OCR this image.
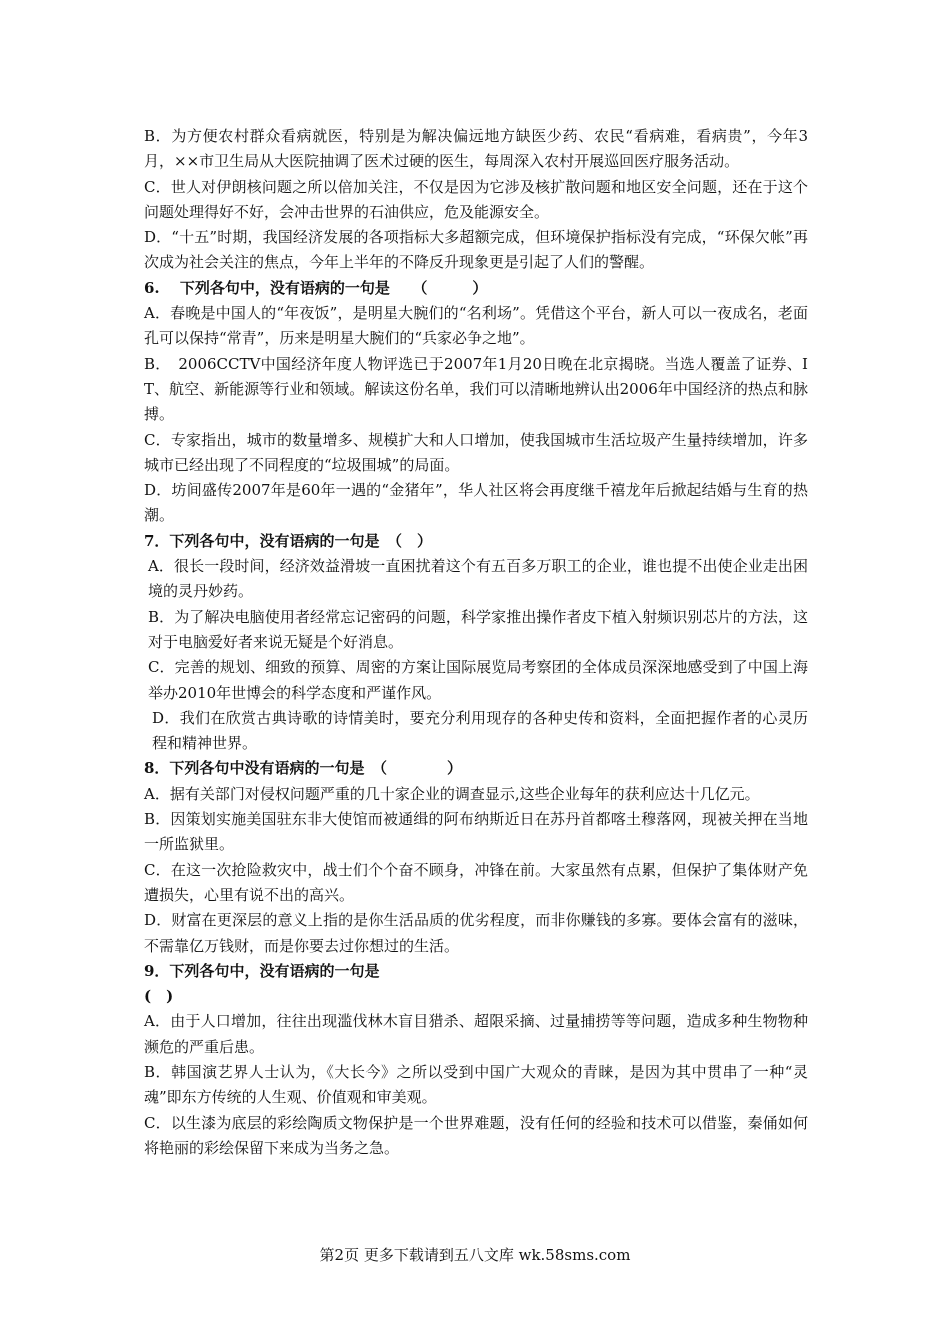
B．为方便农村群众看病就医，特别是为解决偏远地方缺医少药、农民“看病难，看病贵”，今年3月，××市卫生局从大医院抽调了医术过硬的医生，每周深入农村开展巡回医疗服务活动。

C．世人对伊朗核问题之所以倍加关注，不仅是因为它涉及核扩散问题和地区安全问题，还在于这个问题处理得好不好，会冲击世界的石油供应，危及能源安全。

D．“十五”时期，我国经济发展的各项指标大多超额完成，但环境保护指标没有完成，“环保欠帐”再次成为社会关注的焦点，今年上半年的不降反升现象更是引起了人们的警醒。

6.　 下列各句中，没有语病的一句是　　（　　　）

A．春晚是中国人的“年夜饭”，是明星大腕们的“名利场”。凭借这个平台，新人可以一夜成名，老面孔可以保持“常青”，历来是明星大腕们的“兵家必争之地”。

B．　2006CCTV中国经济年度人物评选已于2007年1月20日晚在北京揭晓。当选人覆盖了证券、IT、航空、新能源等行业和领域。解读这份名单，我们可以清晰地辨认出2006年中国经济的热点和脉搏。

C．专家指出，城市的数量增多、规模扩大和人口增加，使我国城市生活垃圾产生量持续增加，许多城市已经出现了不同程度的“垃圾围城”的局面。

D．坊间盛传2007年是60年一遇的“金猪年”，华人社区将会再度继千禧龙年后掀起结婚与生育的热潮。

7．下列各句中，没有语病的一句是　（　）

A．很长一段时间，经济效益滑坡一直困扰着这个有五百多万职工的企业，谁也提不出使企业走出困境的灵丹妙药。

B．为了解决电脑使用者经常忘记密码的问题，科学家推出操作者皮下植入射频识别芯片的方法，这对于电脑爱好者来说无疑是个好消息。

C．完善的规划、细致的预算、周密的方案让国际展览局考察团的全体成员深深地感受到了中国上海举办2010年世博会的科学态度和严谨作风。

D．我们在欣赏古典诗歌的诗情美时，要充分利用现存的各种史传和资料，全面把握作者的心灵历程和精神世界。

8．下列各句中没有语病的一句是　（　　　　）

A．据有关部门对侵权问题严重的几十家企业的调查显示,这些企业每年的获利应达十几亿元。

B．因策划实施美国驻东非大使馆而被通缉的阿布纳斯近日在苏丹首都喀土穆落网，现被关押在当地一所监狱里。

C．在这一次抢险救灾中，战士们个个奋不顾身，冲锋在前。大家虽然有点累，但保护了集体财产免遭损失，心里有说不出的高兴。

D．财富在更深层的意义上指的是你生活品质的优劣程度，而非你赚钱的多寡。要体会富有的滋味，不需靠亿万钱财，而是你要去过你想过的生活。

9．下列各句中，没有语病的一句是

(　)

A．由于人口增加，往往出现滥伐林木盲目猎杀、超限采摘、过量捕捞等等问题，造成多种生物物种濒危的严重后患。

B．韩国演艺界人士认为，《大长今》之所以受到中国广大观众的青睐，是因为其中贯串了一种“灵魂”即东方传统的人生观、价值观和审美观。

C．以生漆为底层的彩绘陶质文物保护是一个世界难题，没有任何的经验和技术可以借鉴，秦俑如何将艳丽的彩绘保留下来成为当务之急。

第2页 更多下载请到五八文库 wk.58sms.com
